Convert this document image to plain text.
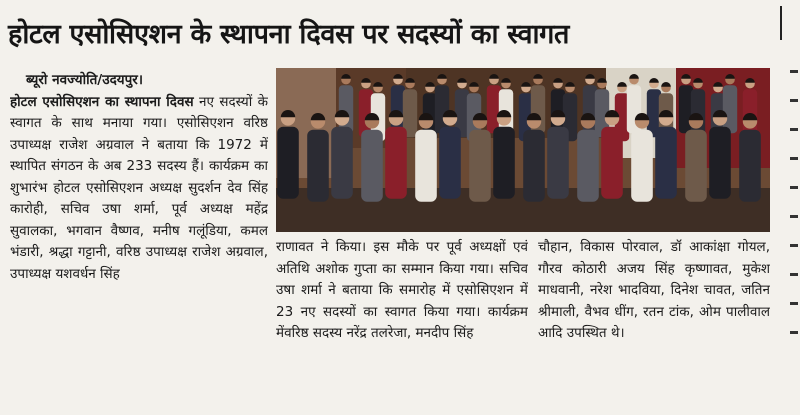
होटल एसोसिएशन के स्थापना दिवस पर सदस्यों का स्वागत

ब्यूरो नवज्योति/उदयपुर।
होटल एसोसिएशन का स्थापना दिवस नए सदस्यों के स्वागत के साथ मनाया गया। एसोसिएशन वरिष्ठ उपाध्यक्ष राजेश अग्रवाल ने बताया कि 1972 में स्थापित संगठन के अब 233 सदस्य हैं। कार्यक्रम का शुभारंभ होटल एसोसिएशन अध्यक्ष सुदर्शन देव सिंह कारोही, सचिव उषा शर्मा, पूर्व अध्यक्ष महेंद्र सुवालका, भगवान वैष्णव, मनीष गलूंडिया, कमल भंडारी, श्रद्धा गट्टानी, वरिष्ठ उपाध्यक्ष राजेश अग्रवाल, उपाध्यक्ष यशवर्धन सिंह

राणावत ने किया। इस मौके पर पूर्व अध्यक्षों एवं अतिथि अशोक गुप्ता का सम्मान किया गया। सचिव उषा शर्मा ने बताया कि समारोह में एसोसिएशन में 23 नए सदस्यों का स्वागत किया गया। कार्यक्रम मेंवरिष्ठ सदस्य नरेंद्र तलरेजा, मनदीप सिंह

चौहान, विकास पोरवाल, डॉ आकांक्षा गोयल, गौरव कोठारी अजय सिंह कृष्णावत, मुकेश माधवानी, नरेश भादविया, दिनेश चावत, जतिन श्रीमाली, वैभव धींग, रतन टांक, ओम पालीवाल आदि उपस्थित थे।
